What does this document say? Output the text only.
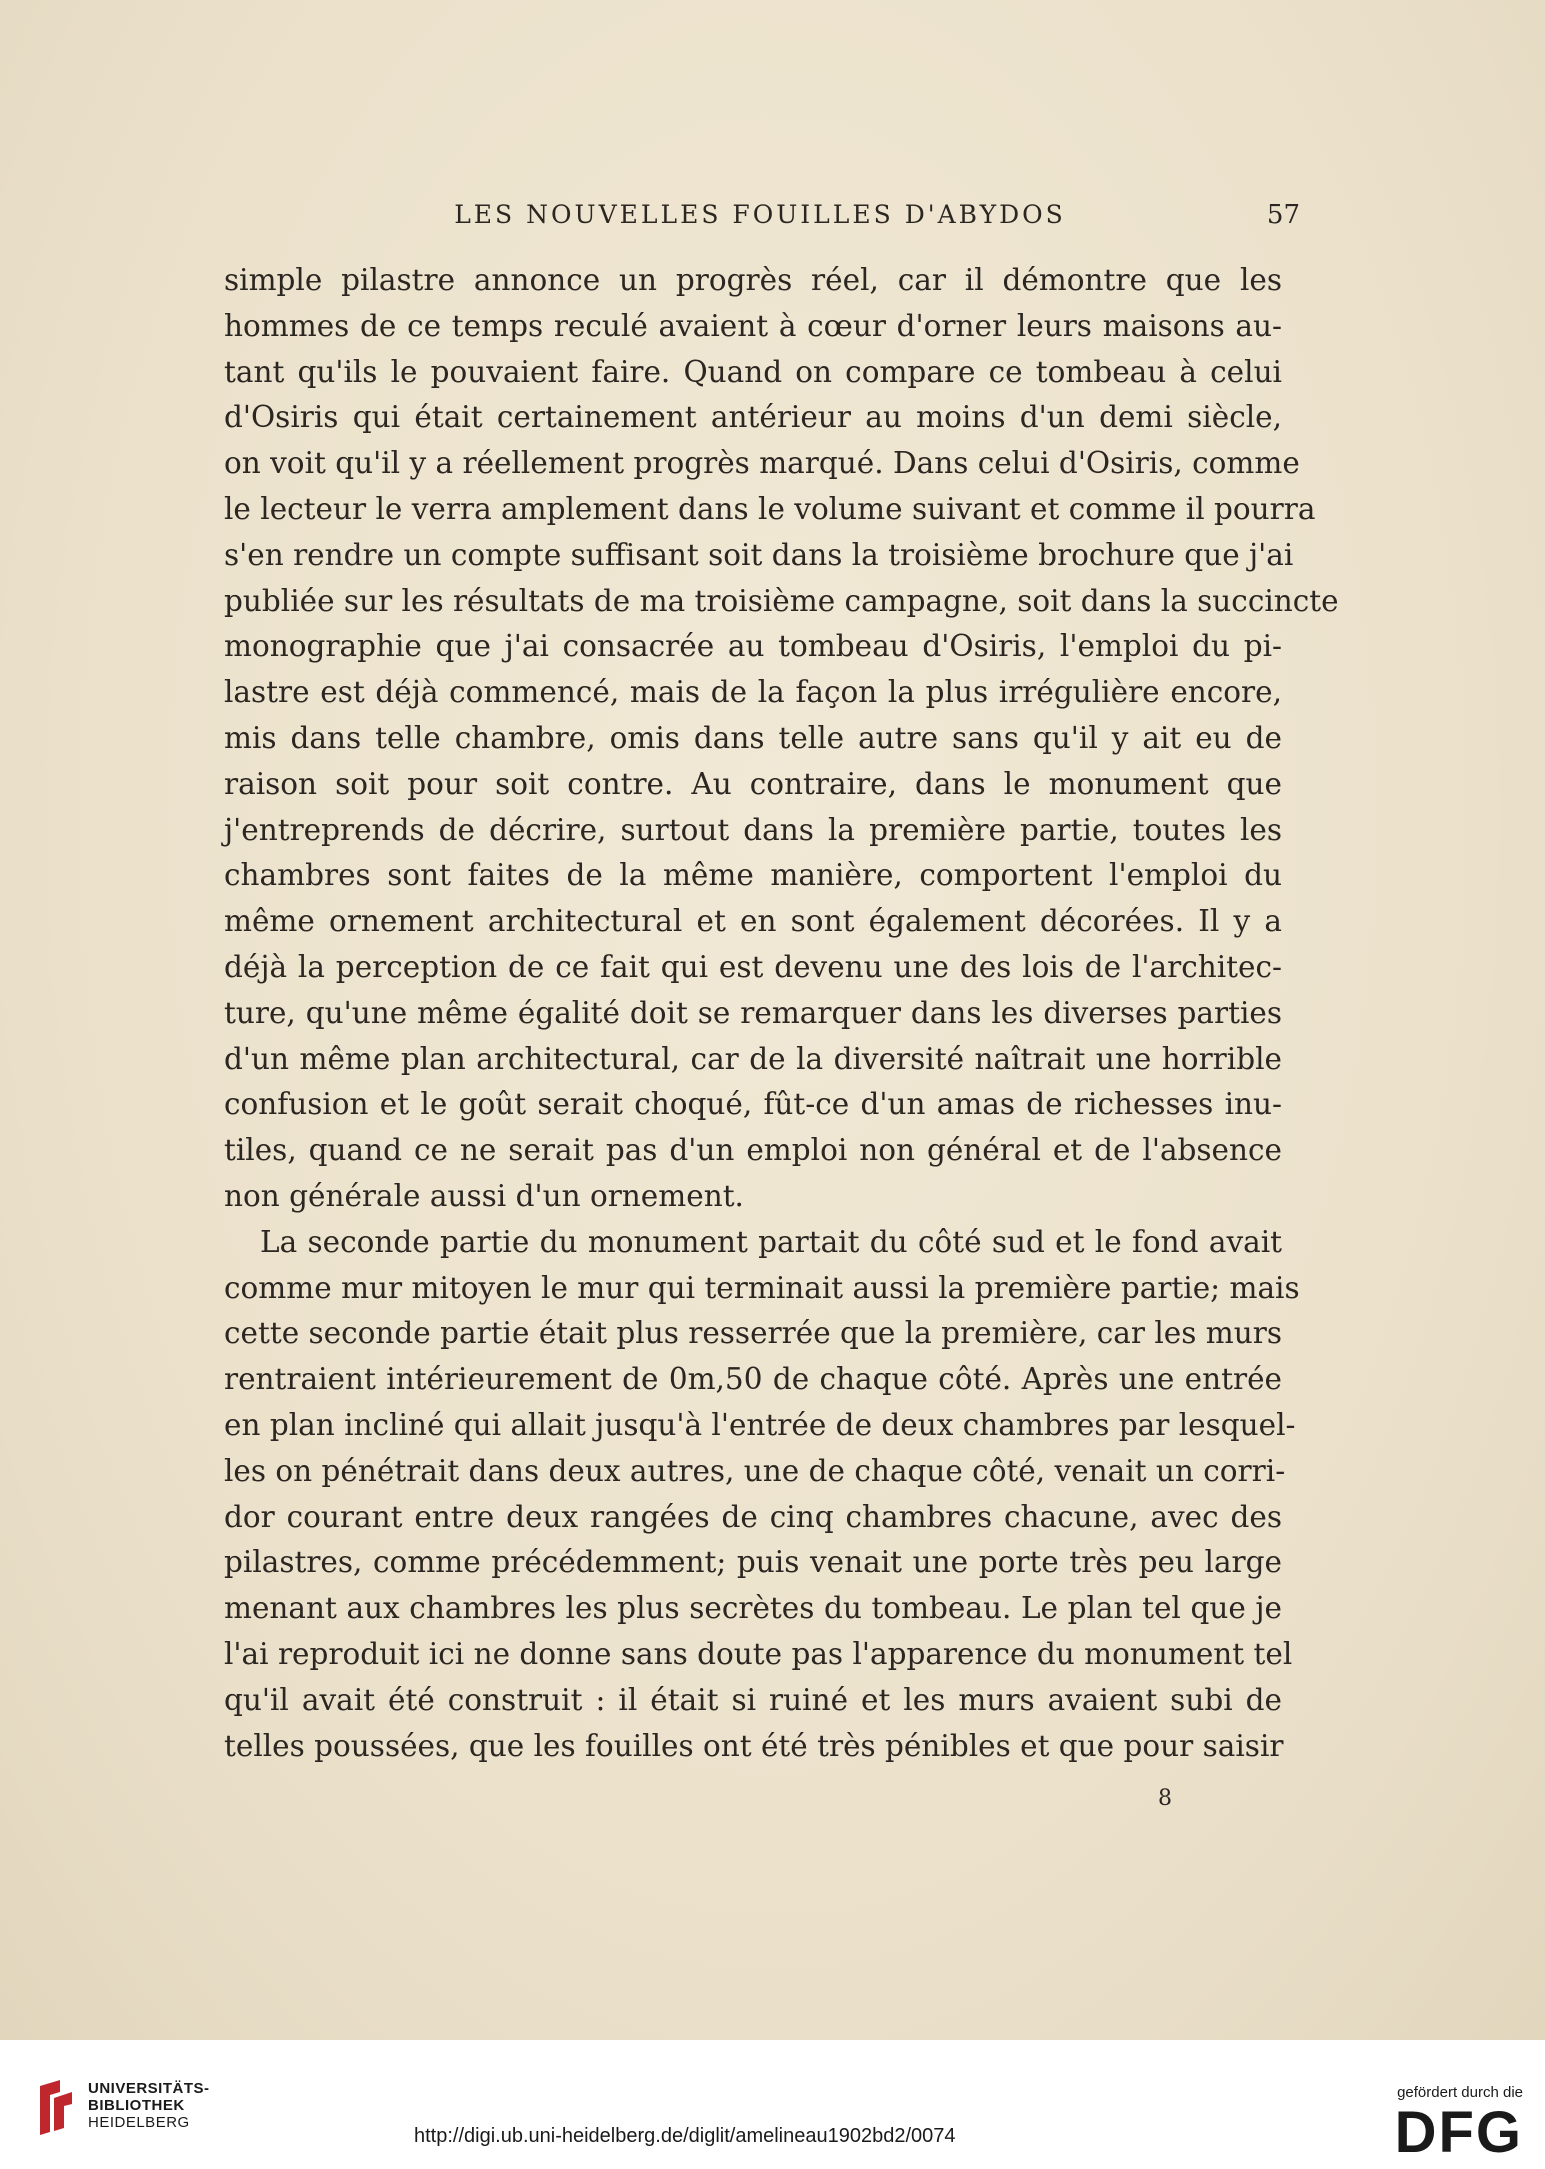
LES NOUVELLES FOUILLES D'ABYDOS	57
simple pilastre annonce un progrès réel, car il démontre que les
hommes de ce temps reculé avaient à cœur d'orner leurs maisons au-
tant qu'ils le pouvaient faire. Quand on compare ce tombeau à celui
d'Osiris qui était certainement antérieur au moins d'un demi siècle,
on voit qu'il y a réellement progrès marqué. Dans celui d'Osiris, comme
le lecteur le verra amplement dans le volume suivant et comme il pourra
s'en rendre un compte suffisant soit dans la troisième brochure que j'ai
publiée sur les résultats de ma troisième campagne, soit dans la succincte
monographie que j'ai consacrée au tombeau d'Osiris, l'emploi du pi-
lastre est déjà commencé, mais de la façon la plus irrégulière encore,
mis dans telle chambre, omis dans telle autre sans qu'il y ait eu de
raison soit pour soit contre. Au contraire, dans le monument que
j'entreprends de décrire, surtout dans la première partie, toutes les
chambres sont faites de la même manière, comportent l'emploi du
même ornement architectural et en sont également décorées. Il y a
déjà la perception de ce fait qui est devenu une des lois de l'architec-
ture, qu'une même égalité doit se remarquer dans les diverses parties
d'un même plan architectural, car de la diversité naîtrait une horrible
confusion et le goût serait choqué, fût-ce d'un amas de richesses inu-
tiles, quand ce ne serait pas d'un emploi non général et de l'absence
non générale aussi d'un ornement.
La seconde partie du monument partait du côté sud et le fond avait
comme mur mitoyen le mur qui terminait aussi la première partie; mais
cette seconde partie était plus resserrée que la première, car les murs
rentraient intérieurement de 0m,50 de chaque côté. Après une entrée
en plan incliné qui allait jusqu'à l'entrée de deux chambres par lesquel-
les on pénétrait dans deux autres, une de chaque côté, venait un corri-
dor courant entre deux rangées de cinq chambres chacune, avec des
pilastres, comme précédemment; puis venait une porte très peu large
menant aux chambres les plus secrètes du tombeau. Le plan tel que je
l'ai reproduit ici ne donne sans doute pas l'apparence du monument tel
qu'il avait été construit : il était si ruiné et les murs avaient subi de
telles poussées, que les fouilles ont été très pénibles et que pour saisir
8
UNIVERSITÄTS-
BIBLIOTHEK
HEIDELBERG
http://digi.ub.uni-heidelberg.de/diglit/amelineau1902bd2/0074
gefördert durch die
DFG
